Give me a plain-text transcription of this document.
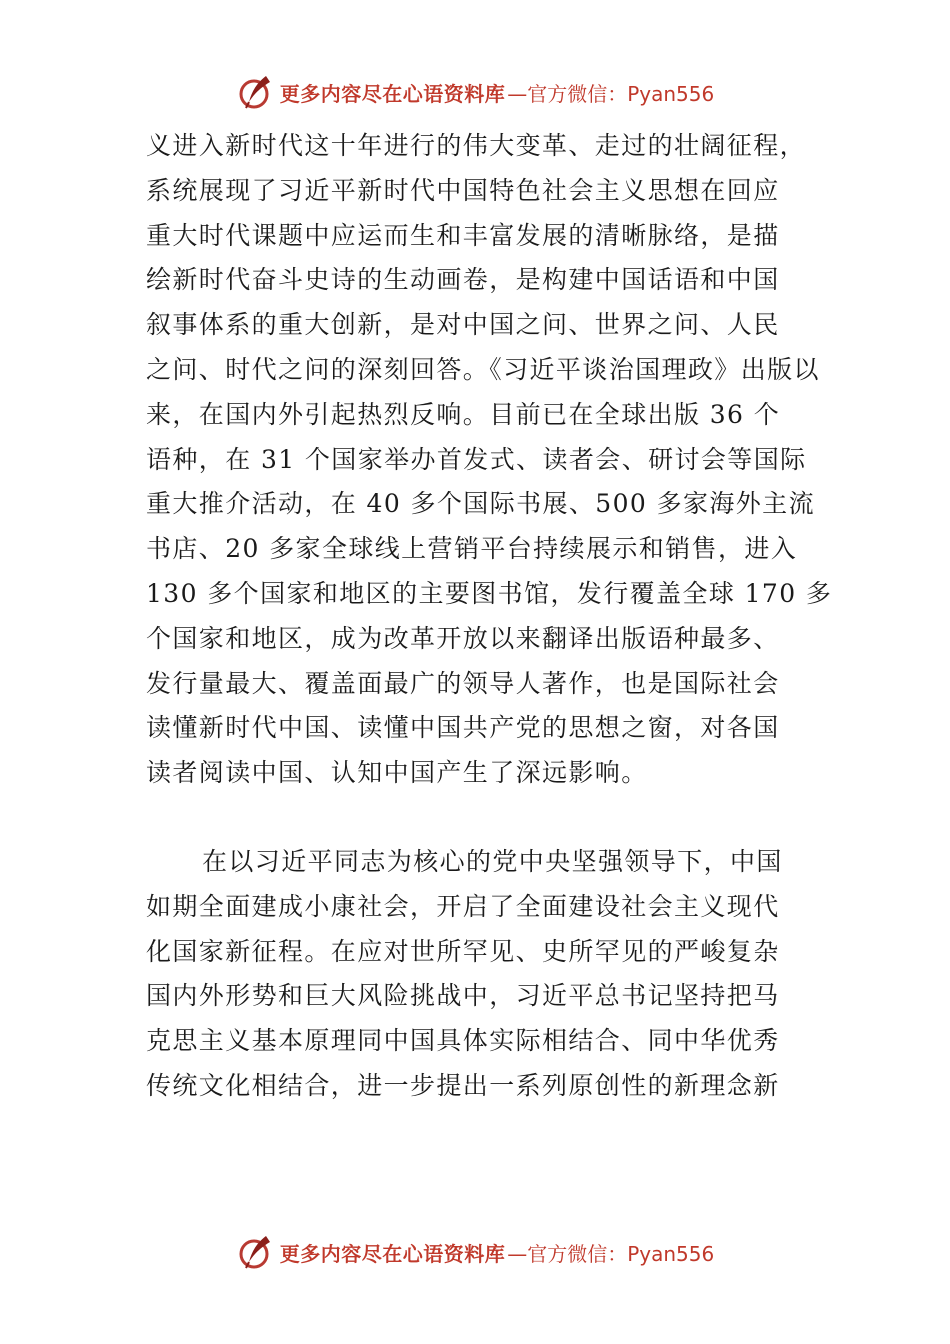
更多内容尽在心语资料库 —官方微信：Pyan556
义进入新时代这十年进行的伟大变革、走过的壮阔征程，
系统展现了习近平新时代中国特色社会主义思想在回应
重大时代课题中应运而生和丰富发展的清晰脉络，是描
绘新时代奋斗史诗的生动画卷，是构建中国话语和中国
叙事体系的重大创新，是对中国之问、世界之问、人民
之问、时代之问的深刻回答。《习近平谈治国理政》出版以
来，在国内外引起热烈反响。目前已在全球出版 36 个
语种，在 31 个国家举办首发式、读者会、研讨会等国际
重大推介活动，在 40 多个国际书展、500 多家海外主流
书店、20 多家全球线上营销平台持续展示和销售，进入
130 多个国家和地区的主要图书馆，发行覆盖全球 170 多
个国家和地区，成为改革开放以来翻译出版语种最多、
发行量最大、覆盖面最广的领导人著作，也是国际社会
读懂新时代中国、读懂中国共产党的思想之窗，对各国
读者阅读中国、认知中国产生了深远影响。
在以习近平同志为核心的党中央坚强领导下，中国
如期全面建成小康社会，开启了全面建设社会主义现代
化国家新征程。在应对世所罕见、史所罕见的严峻复杂
国内外形势和巨大风险挑战中，习近平总书记坚持把马
克思主义基本原理同中国具体实际相结合、同中华优秀
传统文化相结合，进一步提出一系列原创性的新理念新
更多内容尽在心语资料库 —官方微信：Pyan556
